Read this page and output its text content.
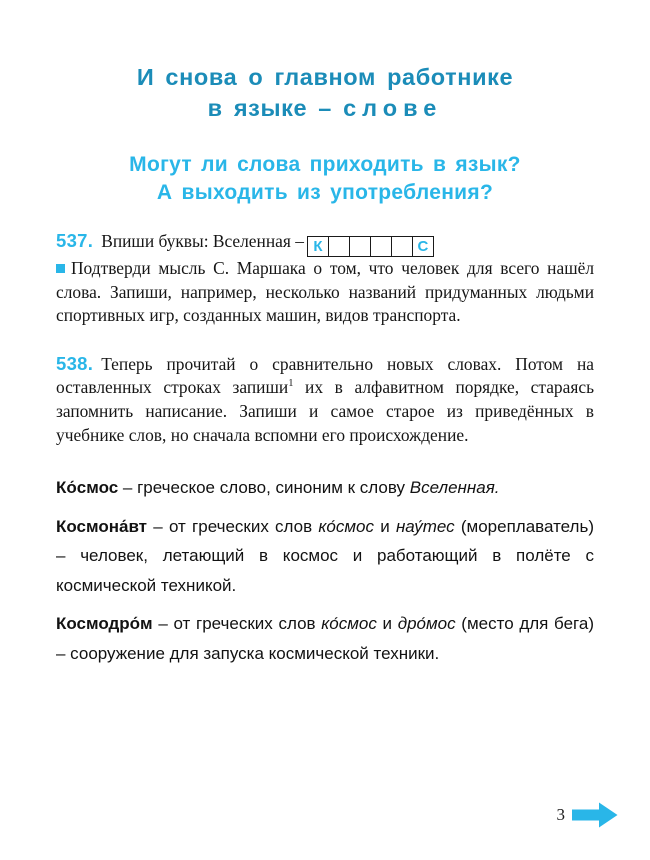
И снова о главном работнике
в языке – слове
Могут ли слова приходить в язык?
А выходить из употребления?

537. Впиши буквы: Вселенная – К	С

Подтверди мысль С. Маршака о том, что человек для всего нашёл слова. Запиши, например, несколько названий придуманных людьми спортивных игр, созданных машин, видов транспорта.

538. Теперь прочитай о сравнительно новых словах. Потом на оставленных строках запиши$^1$ их в алфавитном порядке, стараясь запомнить написание. Запиши и самое старое из приведённых в учебнике слов, но сначала вспомни его происхождение.

Ко́смос – греческое слово, синоним к слову Вселенная.

Космона́вт – от греческих слов ко́смос и нау́тес (мореплаватель) – человек, летающий в космос и работающий в полёте с космической техникой.

Космодро́м – от греческих слов ко́смос и дро́мос (место для бега) – сооружение для запуска космической техники.

3
